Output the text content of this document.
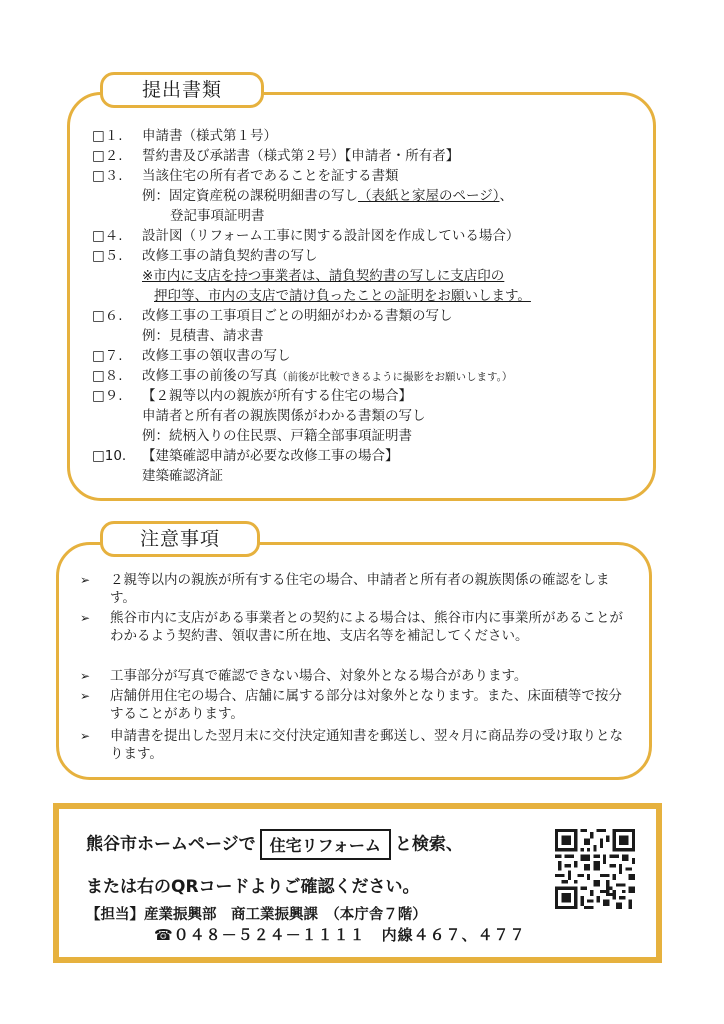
提出書類
□１. 申請書（様式第１号）
□２. 誓約書及び承諾書（様式第２号）【申請者・所有者】
□３. 当該住宅の所有者であることを証する書類
例：固定資産税の課税明細書の写し（表紙と家屋のページ）、
登記事項証明書
□４. 設計図（リフォーム工事に関する設計図を作成している場合）
□５. 改修工事の請負契約書の写し
※市内に支店を持つ事業者は、請負契約書の写しに支店印の
押印等、市内の支店で請け負ったことの証明をお願いします。
□６. 改修工事の工事項目ごとの明細がわかる書類の写し
例：見積書、請求書
□７. 改修工事の領収書の写し
□８. 改修工事の前後の写真（前後が比較できるように撮影をお願いします。）
□９. 【２親等以内の親族が所有する住宅の場合】
申請者と所有者の親族関係がわかる書類の写し
例：続柄入りの住民票、戸籍全部事項証明書
□10. 【建築確認申請が必要な改修工事の場合】
建築確認済証
注意事項
➢ ２親等以内の親族が所有する住宅の場合、申請者と所有者の親族関係の確認をします。
➢ 熊谷市内に支店がある事業者との契約による場合は、熊谷市内に事業所があることがわかるよう契約書、領収書に所在地、支店名等を補記してください。
➢ 工事部分が写真で確認できない場合、対象外となる場合があります。
➢ 店舗併用住宅の場合、店舗に属する部分は対象外となります。また、床面積等で按分することがあります。
➢ 申請書を提出した翌月末に交付決定通知書を郵送し、翌々月に商品券の受け取りとなります。
熊谷市ホームページで 住宅リフォーム と検索、
または右のQRコードよりご確認ください。
【担当】産業振興部　商工業振興課　（本庁舎７階）
☎０４８－５２４－１１１１　内線４６７、４７７
